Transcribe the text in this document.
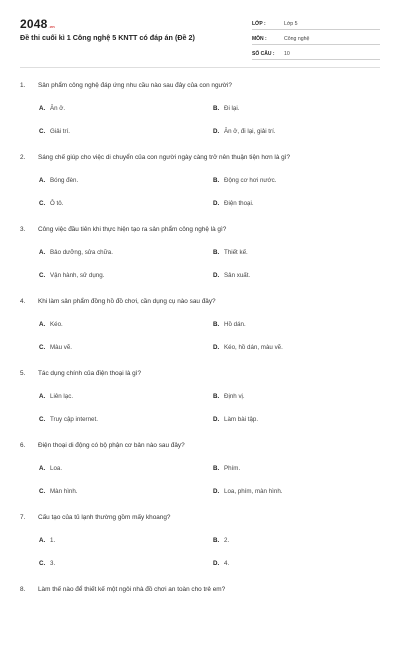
2048.vn
Đề thi cuối kì 1 Công nghệ 5 KNTT có đáp án (Đề 2)
LỚP :	Lớp 5
MÔN :	Công nghệ
SỐ CÂU :	10
1. Sản phẩm công nghệ đáp ứng nhu cầu nào sau đây của con người?
A. Ăn ở.	B. Đi lại.
C. Giải trí.	D. Ăn ở, đi lại, giải trí.
2. Sáng chế giúp cho việc di chuyển của con người ngày càng trở nên thuận tiện hơn là gì?
A. Bóng đèn.	B. Động cơ hơi nước.
C. Ô tô.	D. Điện thoại.
3. Công việc đầu tiên khi thực hiện tạo ra sản phẩm công nghệ là gì?
A. Bảo dưỡng, sửa chữa.	B. Thiết kế.
C. Vận hành, sử dụng.	D. Sản xuất.
4. Khi làm sản phẩm đồng hồ đồ chơi, cần dụng cụ nào sau đây?
A. Kéo.	B. Hồ dán.
C. Màu vẽ.	D. Kéo, hồ dán, màu vẽ.
5. Tác dụng chính của điện thoại là gì?
A. Liên lạc.	B. Định vị.
C. Truy cập internet.	D. Làm bài tập.
6. Điện thoại di động có bộ phận cơ bản nào sau đây?
A. Loa.	B. Phím.
C. Màn hình.	D. Loa, phím, màn hình.
7. Cấu tạo của tủ lạnh thường gồm mấy khoang?
A. 1.	B. 2.
C. 3.	D. 4.
8. Làm thế nào để thiết kế một ngôi nhà đồ chơi an toàn cho trẻ em?
